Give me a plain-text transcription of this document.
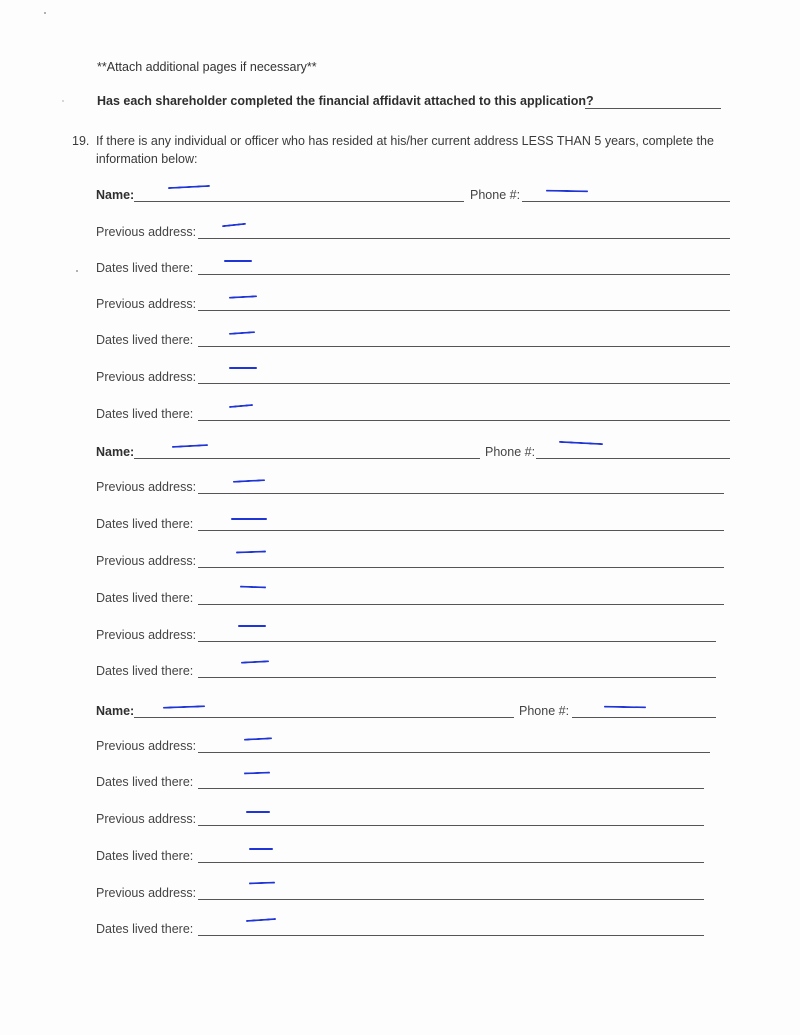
**Attach additional pages if necessary**
Has each shareholder completed the financial affidavit attached to this application?
19. If there is any individual or officer who has resided at his/her current address LESS THAN 5 years, complete the information below:
Name:	Phone #:
Previous address:
Dates lived there:
Previous address:
Dates lived there:
Previous address:
Dates lived there:
Name:	Phone #:
Previous address:
Dates lived there:
Previous address:
Dates lived there:
Previous address:
Dates lived there:
Name:	Phone #:
Previous address:
Dates lived there:
Previous address:
Dates lived there:
Previous address:
Dates lived there:
